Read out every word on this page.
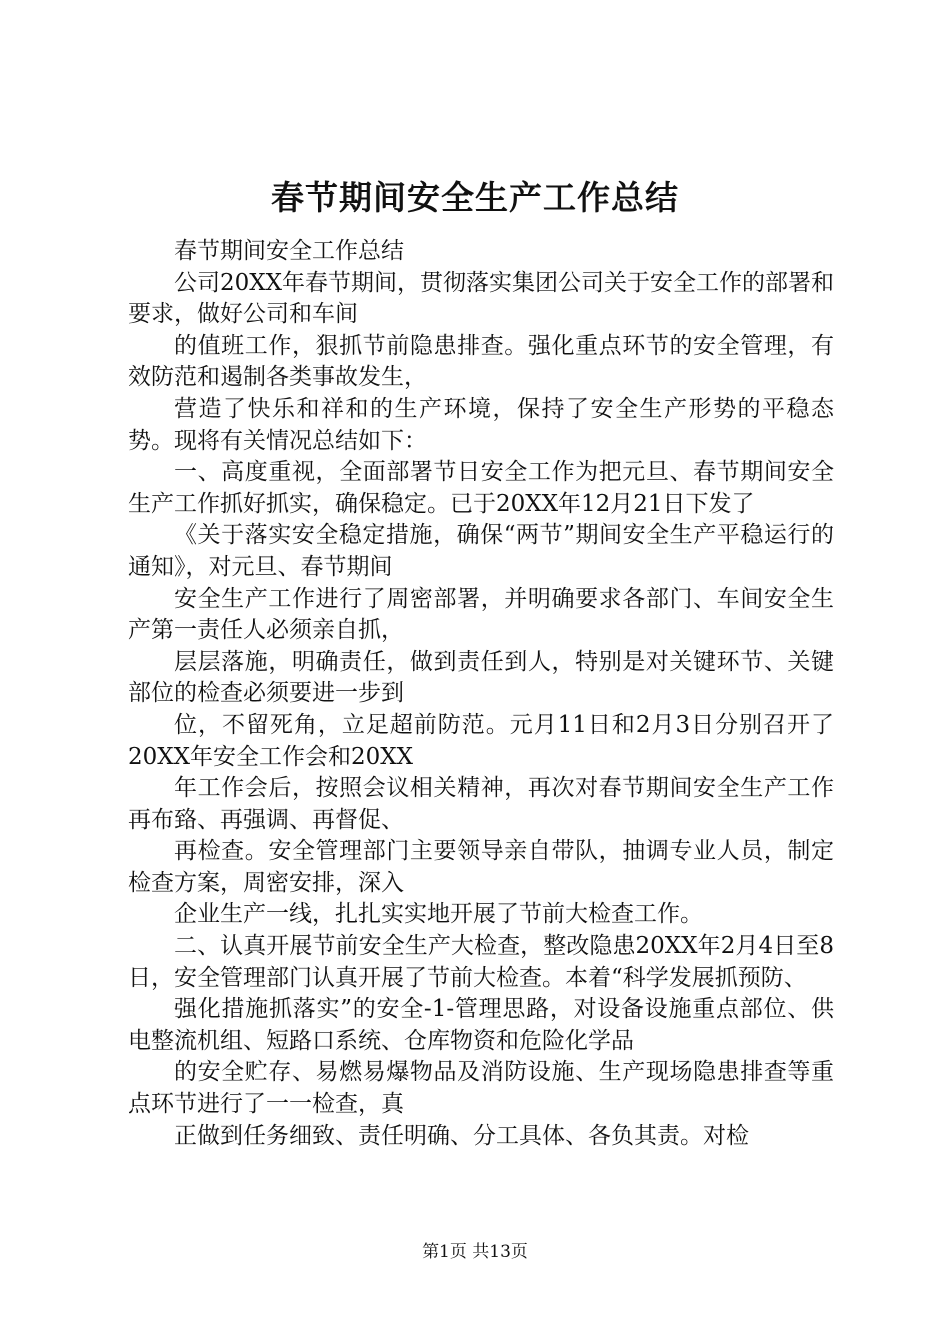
春节期间安全生产工作总结

春节期间安全工作总结

公司20XX年春节期间，贯彻落实集团公司关于安全工作的部署和要求，做好公司和车间

的值班工作，狠抓节前隐患排查。强化重点环节的安全管理，有效防范和遏制各类事故发生，

营造了快乐和祥和的生产环境，保持了安全生产形势的平稳态势。现将有关情况总结如下：

一、高度重视，全面部署节日安全工作为把元旦、春节期间安全生产工作抓好抓实，确保稳定。已于20XX年12月21日下发了

《关于落实安全稳定措施，确保“两节”期间安全生产平稳运行的通知》，对元旦、春节期间

安全生产工作进行了周密部署，并明确要求各部门、车间安全生产第一责任人必须亲自抓，

层层落施，明确责任，做到责任到人，特别是对关键环节、关键部位的检查必须要进一步到

位，不留死角，立足超前防范。元月11日和2月3日分别召开了20XX年安全工作会和20XX

年工作会后，按照会议相关精神，再次对春节期间安全生产工作再布臵、再强调、再督促、

再检查。安全管理部门主要领导亲自带队，抽调专业人员，制定检查方案，周密安排，深入

企业生产一线，扎扎实实地开展了节前大检查工作。

二、认真开展节前安全生产大检查，整改隐患20XX年2月4日至8日，安全管理部门认真开展了节前大检查。本着“科学发展抓预防、

强化措施抓落实”的安全-1-管理思路，对设备设施重点部位、供电整流机组、短路口系统、仓库物资和危险化学品

的安全贮存、易燃易爆物品及消防设施、生产现场隐患排查等重点环节进行了一一检查，真

正做到任务细致、责任明确、分工具体、各负其责。对检

第1页 共13页
